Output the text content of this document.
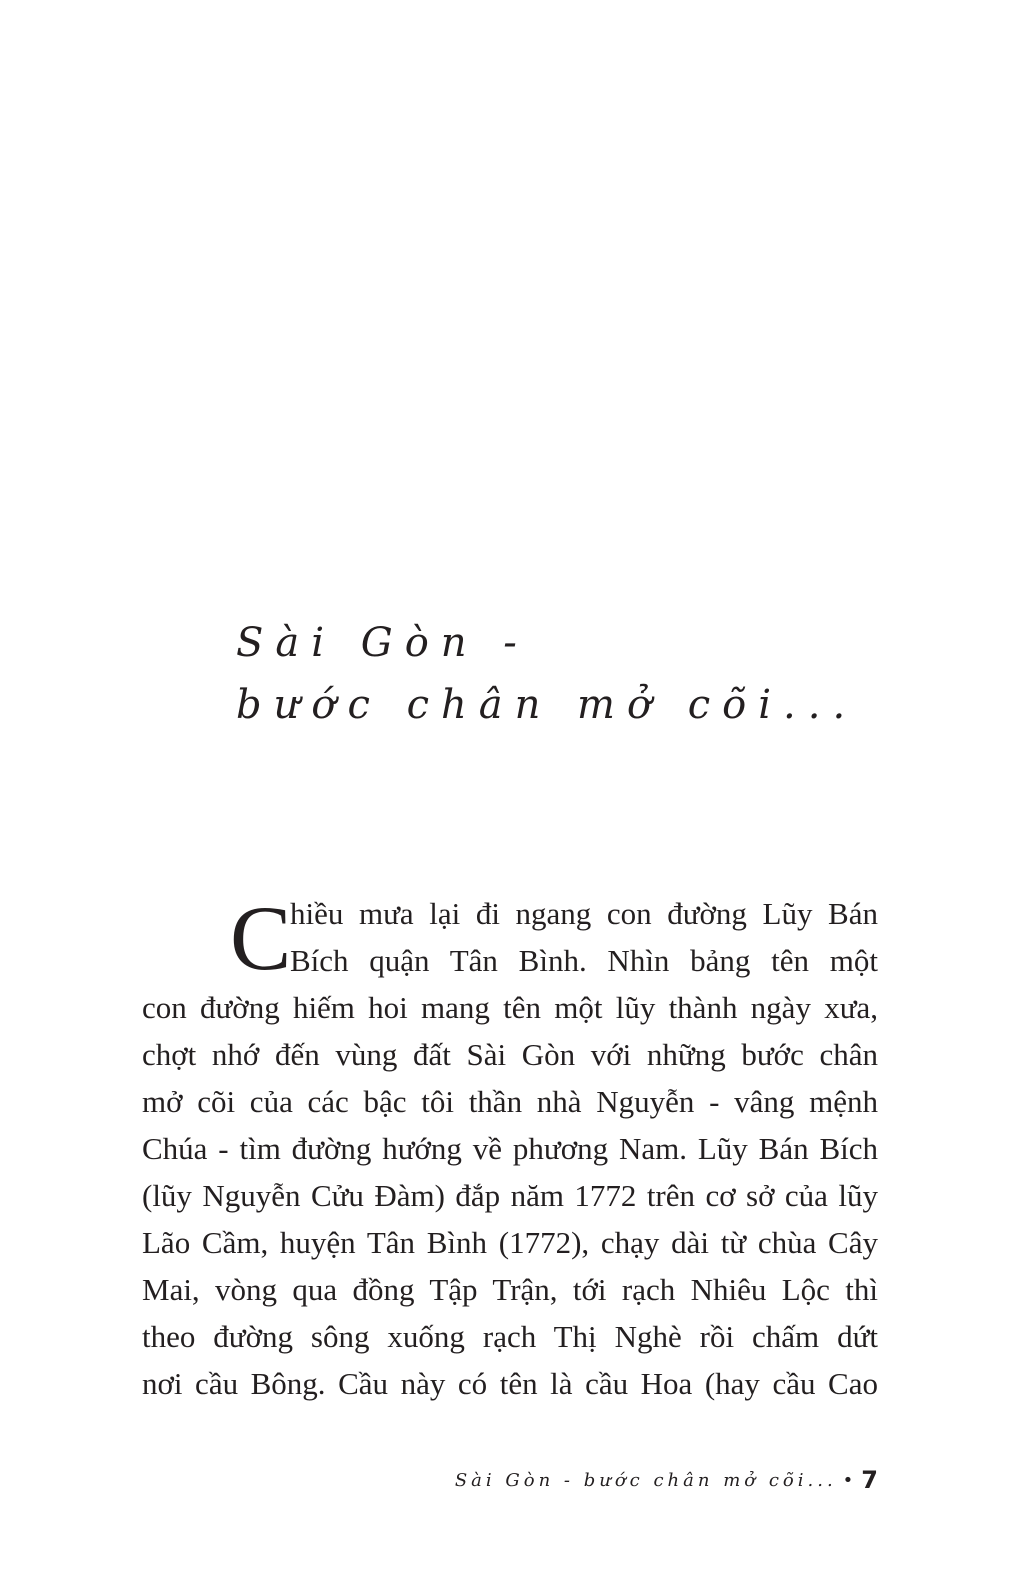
Sài Gòn -
bước chân mở cõi...
C
hiều mưa lại đi ngang con đường Lũy Bán
Bích quận Tân Bình. Nhìn bảng tên một
con đường hiếm hoi mang tên một lũy thành ngày xưa,
chợt nhớ đến vùng đất Sài Gòn với những bước chân
mở cõi của các bậc tôi thần nhà Nguyễn - vâng mệnh
Chúa - tìm đường hướng về phương Nam. Lũy Bán Bích
(lũy Nguyễn Cửu Đàm) đắp năm 1772 trên cơ sở của lũy
Lão Cầm, huyện Tân Bình (1772), chạy dài từ chùa Cây
Mai, vòng qua đồng Tập Trận, tới rạch Nhiêu Lộc thì
theo đường sông xuống rạch Thị Nghè rồi chấm dứt
nơi cầu Bông. Cầu này có tên là cầu Hoa (hay cầu Cao
Sài Gòn - bước chân mở cõi... • 7
